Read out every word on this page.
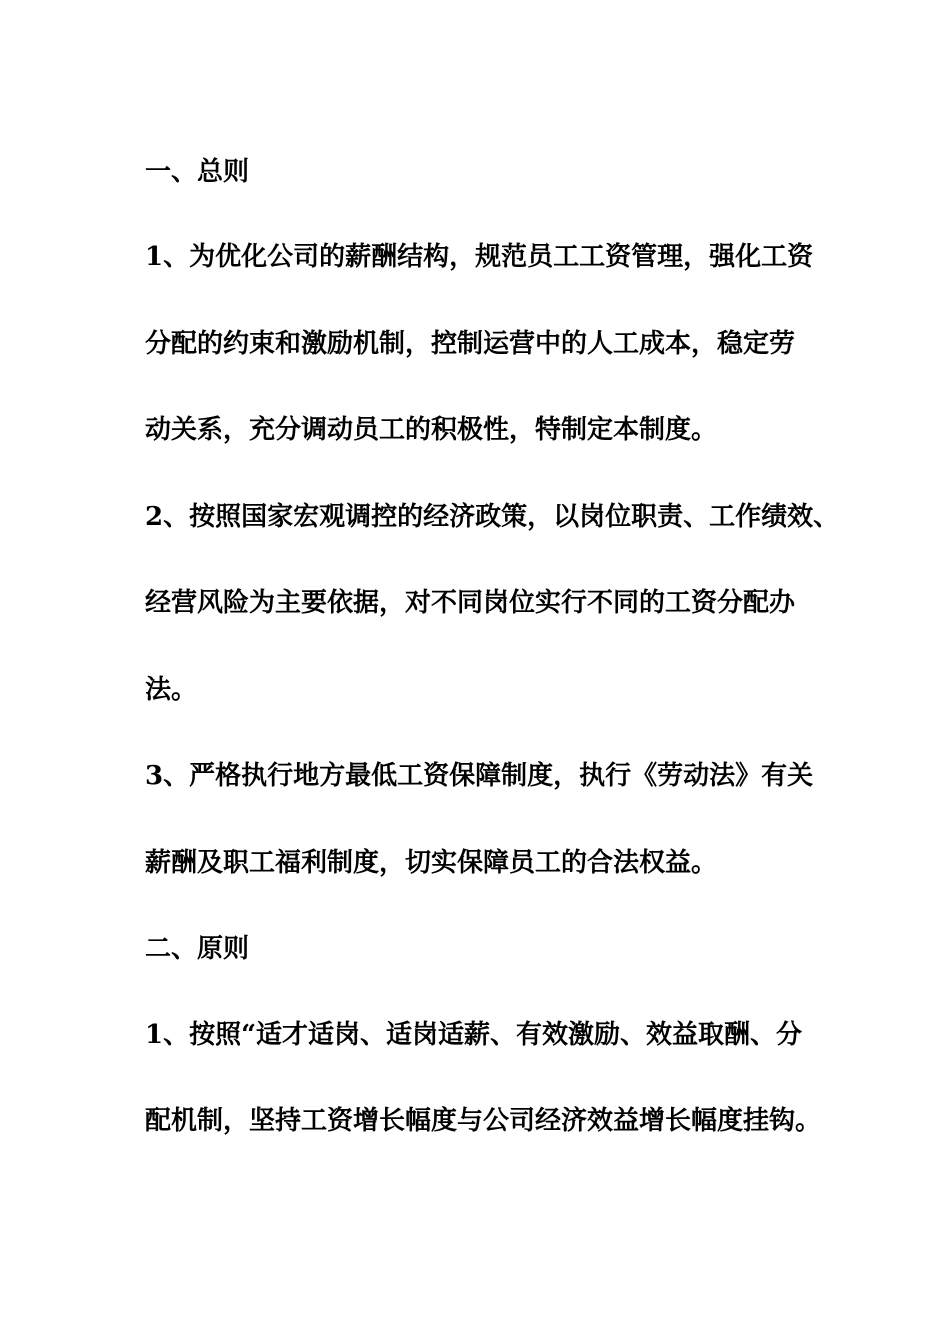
一、总则
1、为优化公司的薪酬结构，规范员工工资管理，强化工资
分配的约束和激励机制，控制运营中的人工成本，稳定劳
动关系，充分调动员工的积极性，特制定本制度。
2、按照国家宏观调控的经济政策，以岗位职责、工作绩效、
经营风险为主要依据，对不同岗位实行不同的工资分配办
法。
3、严格执行地方最低工资保障制度，执行《劳动法》有关
薪酬及职工福利制度，切实保障员工的合法权益。
二、原则
1、按照“适才适岗、适岗适薪、有效激励、效益取酬、分
配机制，坚持工资增长幅度与公司经济效益增长幅度挂钩。
